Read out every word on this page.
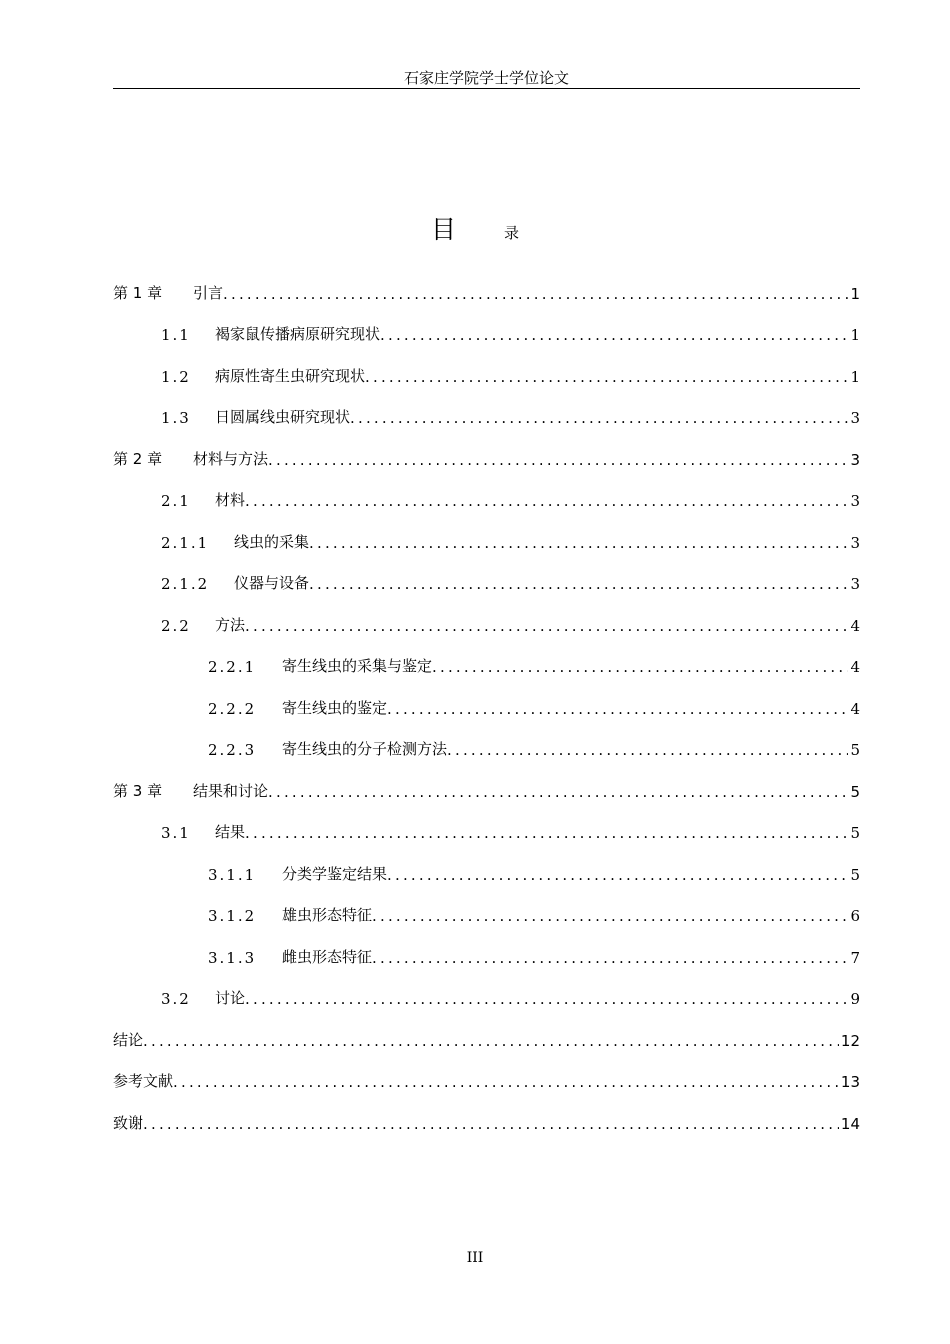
石家庄学院学士学位论文
目	录
第 1 章	引言 .....	1
1.1	褐家鼠传播病原研究现状 .....	1
1.2	病原性寄生虫研究现状 .....	1
1.3	日圆属线虫研究现状 .....	3
第 2 章	材料与方法 .....	3
2.1	材料 .....	3
2.1.1	线虫的采集 .....	3
2.1.2	仪器与设备 .....	3
2.2	方法 .....	4
2.2.1	寄生线虫的采集与鉴定 .....	4
2.2.2	寄生线虫的鉴定 .....	4
2.2.3	寄生线虫的分子检测方法 .....	5
第 3 章	结果和讨论 .....	5
3.1	结果 .....	5
3.1.1	分类学鉴定结果 .....	5
3.1.2	雄虫形态特征 .....	6
3.1.3	雌虫形态特征 .....	7
3.2	讨论 .....	9
结论 .....	12
参考文献 .....	13
致谢 .....	14
III
